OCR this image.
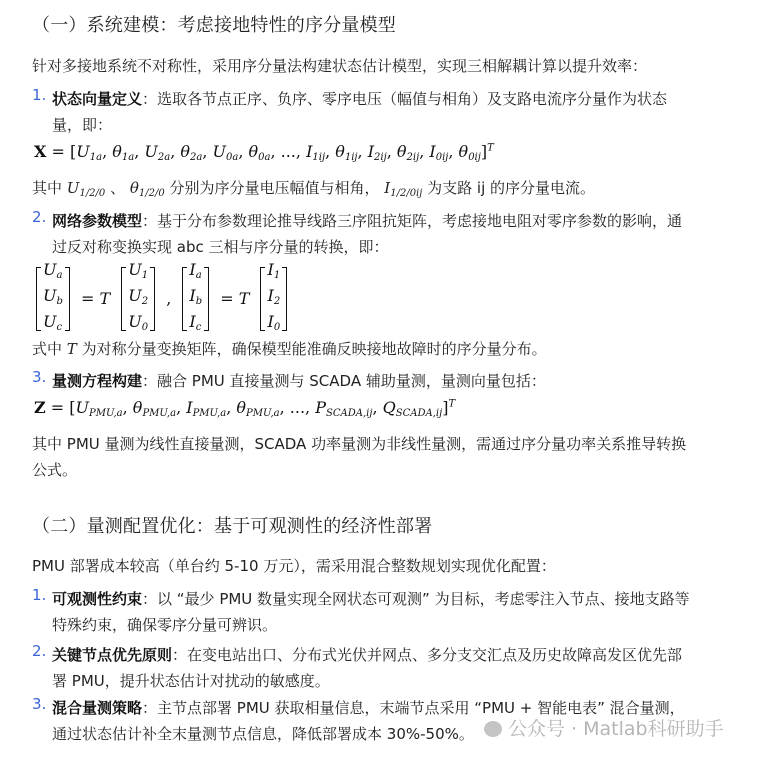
（一）系统建模：考虑接地特性的序分量模型
针对多接地系统不对称性，采用序分量法构建状态估计模型，实现三相解耦计算以提升效率：
1. 状态向量定义：选取各节点正序、负序、零序电压（幅值与相角）及支路电流序分量作为状态
量，即：
$X = [U_{1a}$, $\theta_{1a}$, $U_{2a}$, $\theta_{2a}$, $U_{0a}$, $\theta_{0a}$, ..., $I_{1ij}$, $\theta_{1ij}$, $I_{2ij}$, $\theta_{2ij}$, $I_{0ij}$, $\theta_{0ij}]^T$
其中 $U_{1/2/0}$ 、 $\theta_{1/2/0}$ 分别为序分量电压幅值与相角， $I_{1/2/0ij}$ 为支路 ij 的序分量电流。
2. 网络参数模型：基于分布参数理论推导线路三序阻抗矩阵，考虑接地电阻对零序参数的影响，通
过反对称变换实现 abc 三相与序分量的转换，即：
$U_a$
$U_b$
$U_c$
= T
$U_1$
$U_2$
$U_0$
,
$I_a$
$I_b$
$I_c$
= T
$I_1$
$I_2$
$I_0$
式中 T 为对称分量变换矩阵，确保模型能准确反映接地故障时的序分量分布。
3. 量测方程构建：融合 PMU 直接量测与 SCADA 辅助量测，量测向量包括：
$Z = [U_{PMU,a}$, $\theta_{PMU,a}$, $I_{PMU,a}$, $\theta_{PMU,a}$, ..., $P_{SCADA,ij}$, $Q_{SCADA,ij}]^T$
其中 PMU 量测为线性直接量测，SCADA 功率量测为非线性量测，需通过序分量功率关系推导转换
公式。
（二）量测配置优化：基于可观测性的经济性部署
PMU 部署成本较高（单台约 5-10 万元），需采用混合整数规划实现优化配置：
1. 可观测性约束：以 “最少 PMU 数量实现全网状态可观测” 为目标，考虑零注入节点、接地支路等
特殊约束，确保零序分量可辨识。
2. 关键节点优先原则：在变电站出口、分布式光伏并网点、多分支交汇点及历史故障高发区优先部
署 PMU，提升状态估计对扰动的敏感度。
3. 混合量测策略：主节点部署 PMU 获取相量信息，末端节点采用 “PMU + 智能电表” 混合量测，
通过状态估计补全末量测节点信息，降低部署成本 30%-50%。	公众号 · Matlab科研助手
